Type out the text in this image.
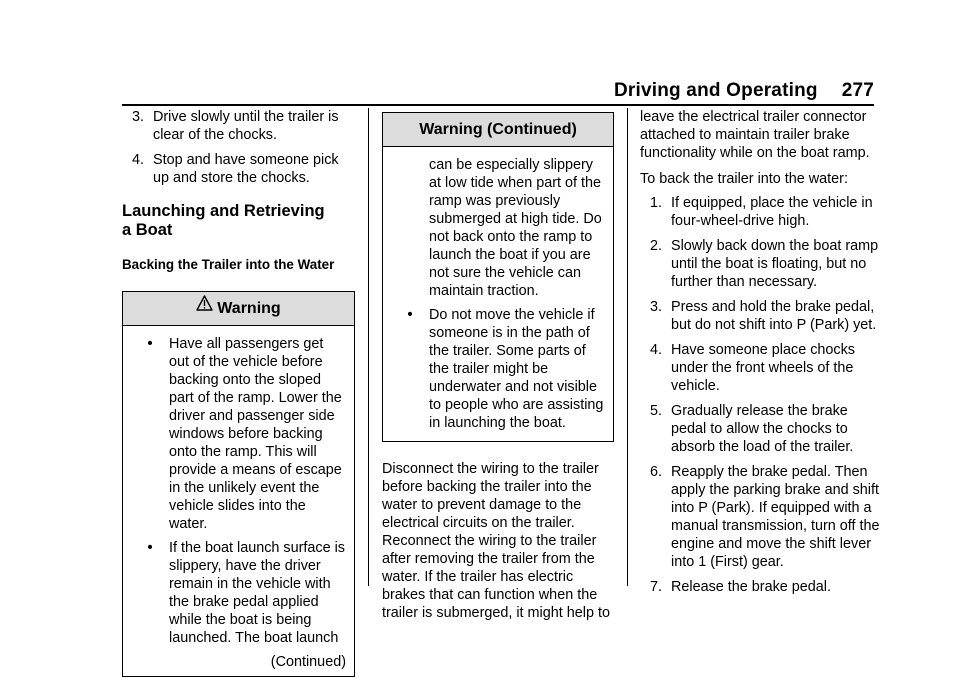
Driving and Operating 277
3. Drive slowly until the trailer is clear of the chocks.
4. Stop and have someone pick up and store the chocks.
Launching and Retrieving
a Boat
Backing the Trailer into the Water
Warning
•	Have all passengers get out of the vehicle before backing onto the sloped part of the ramp. Lower the driver and passenger side windows before backing onto the ramp. This will provide a means of escape in the unlikely event the vehicle slides into the water.
•	If the boat launch surface is slippery, have the driver remain in the vehicle with the brake pedal applied while the boat is being launched. The boat launch
(Continued)
Warning (Continued)
can be especially slippery at low tide when part of the ramp was previously submerged at high tide. Do not back onto the ramp to launch the boat if you are not sure the vehicle can maintain traction.
•	Do not move the vehicle if someone is in the path of the trailer. Some parts of the trailer might be underwater and not visible to people who are assisting in launching the boat.
Disconnect the wiring to the trailer before backing the trailer into the water to prevent damage to the electrical circuits on the trailer. Reconnect the wiring to the trailer after removing the trailer from the water. If the trailer has electric brakes that can function when the trailer is submerged, it might help to
leave the electrical trailer connector attached to maintain trailer brake functionality while on the boat ramp.
To back the trailer into the water:
1. If equipped, place the vehicle in four-wheel-drive high.
2. Slowly back down the boat ramp until the boat is floating, but no further than necessary.
3. Press and hold the brake pedal, but do not shift into P (Park) yet.
4. Have someone place chocks under the front wheels of the vehicle.
5. Gradually release the brake pedal to allow the chocks to absorb the load of the trailer.
6. Reapply the brake pedal. Then apply the parking brake and shift into P (Park). If equipped with a manual transmission, turn off the engine and move the shift lever into 1 (First) gear.
7. Release the brake pedal.
